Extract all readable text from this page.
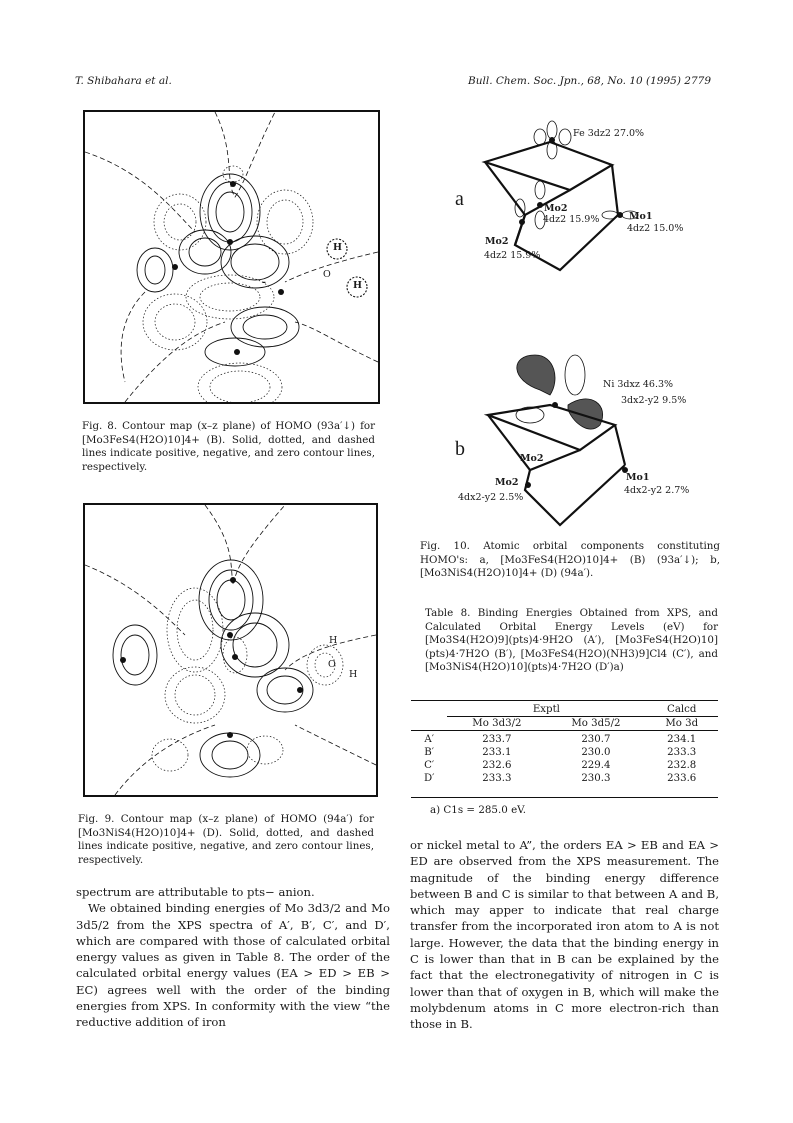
T. Shibahara et al.	Bull. Chem. Soc. Jpn., 68, No. 10 (1995) 2779
H
O
H
-
Fig. 8. Contour map (x–z plane) of HOMO (93a′↓) for [Mo3FeS4(H2O)10]4+ (B). Solid, dotted, and dashed lines indicate positive, negative, and zero contour lines, respectively.
H
O
H
Fig. 9. Contour map (x–z plane) of HOMO (94a′) for [Mo3NiS4(H2O)10]4+ (D). Solid, dotted, and dashed lines indicate positive, negative, and zero contour lines, respectively.

spectrum are attributable to pts− anion.

We obtained binding energies of Mo 3d3/2 and Mo 3d5/2 from the XPS spectra of A′, B′, C′, and D′, which are compared with those of calculated orbital energy values as given in Table 8. The order of the calculated orbital energy values (EA > ED > EB > EC) agrees well with the order of the binding energies from XPS. In conformity with the view “the reductive addition of iron

a
Fe 3dz2 27.0%
Mo2
4dz2 15.9%	Mo1
4dz2 15.0%
Mo2
4dz2 15.9%
b
Ni 3dxz 46.3%
3dx2-y2 9.5%
Mo2
Mo2
4dx2-y2 2.5%
Mo1
4dx2-y2 2.7%
Fig. 10. Atomic orbital components constituting HOMO's: a, [Mo3FeS4(H2O)10]4+ (B) (93a′↓); b, [Mo3NiS4(H2O)10]4+ (D) (94a′).
Table 8. Binding Energies Obtained from XPS, and Calculated Orbital Energy Levels (eV) for [Mo3S4(H2O)9](pts)4·9H2O (A′), [Mo3FeS4(H2O)10](pts)4·7H2O (B′), [Mo3FeS4(H2O)(NH3)9]Cl4 (C′), and [Mo3NiS4(H2O)10](pts)4·7H2O (D′)a)
	Exptl		Calcd
	Mo 3d3/2	Mo 3d5/2	Mo 3d

A′	233.7	230.7	234.1
B′	233.1	230.0	233.3
C′	232.6	229.4	232.8
D′	233.3	230.3	233.6
a) C1s = 285.0 eV.

or nickel metal to A”, the orders EA > EB and EA > ED are observed from the XPS measurement. The magnitude of the binding energy difference between B and C is similar to that between A and B, which may apper to indicate that real charge transfer from the incorporated iron atom to A is not large. However, the data that the binding energy in C is lower than that in B can be explained by the fact that the electronegativity of nitrogen in C is lower than that of oxygen in B, which will make the molybdenum atoms in C more electron-rich than those in B.
